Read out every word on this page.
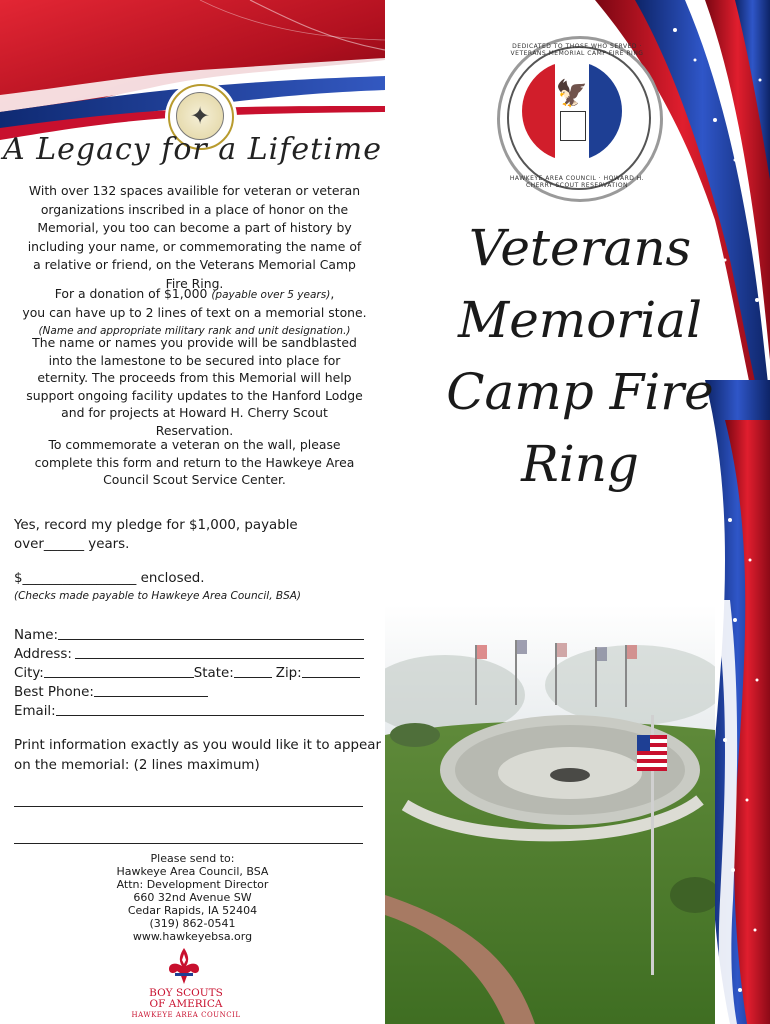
✦
A Legacy for a Lifetime
With over 132 spaces availible for veteran or veteran organizations inscribed in a place of honor on the Memorial, you too can become a part of history by including your name, or commemorating the name of a relative or friend, on the Veterans Memorial Camp Fire Ring.
For a donation of $1,000 (payable over 5 years),
you can have up to 2 lines of text on a memorial stone.
(Name and appropriate military rank and unit designation.)
The name or names you provide will be sandblasted into the lamestone to be secured into place for eternity. The proceeds from this Memorial will help support ongoing facility updates to the Hanford Lodge and for projects at Howard H. Cherry Scout Reservation.
To commemorate a veteran on the wall, please complete this form and return to the Hawkeye Area Council Scout Service Center.
Yes, record my pledge for $1,000, payable
over______ years.
$_________________ enclosed.
(Checks made payable to Hawkeye Area Council, BSA)
Name:
Address:
City:	State:	Zip:
Best Phone:
Email:
Print information exactly as you would like it to appear on the memorial: (2 lines maximum)
Please send to:
Hawkeye Area Council, BSA
Attn: Development Director
660 32nd Avenue SW
Cedar Rapids, IA 52404
(319) 862-0541
www.hawkeyebsa.org
BOY SCOUTS
OF AMERICA
HAWKEYE AREA COUNCIL
🦅
DEDICATED TO THOSE WHO SERVED · VETERANS MEMORIAL CAMP FIRE RING
HAWKEYE AREA COUNCIL · HOWARD H. CHERRY SCOUT RESERVATION
Veterans
Memorial
Camp Fire
Ring
